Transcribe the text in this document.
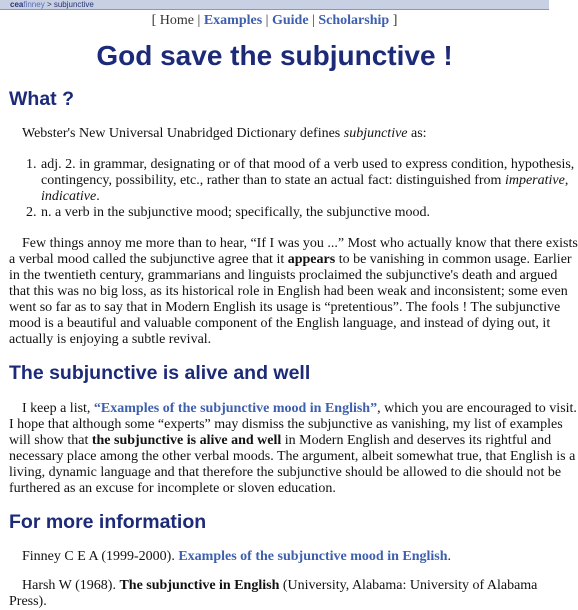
ceafinney > subjunctive
[ Home | Examples | Guide | Scholarship ]
God save the subjunctive !
What ?
Webster's New Universal Unabridged Dictionary defines subjunctive as:
1. adj. 2. in grammar, designating or of that mood of a verb used to express condition, hypothesis,
contingency, possibility, etc., rather than to state an actual fact: distinguished from imperative,
indicative.
2. n. a verb in the subjunctive mood; specifically, the subjunctive mood.
Few things annoy me more than to hear, “If I was you ...” Most who actually know that there exists
a verbal mood called the subjunctive agree that it appears to be vanishing in common usage. Earlier
in the twentieth century, grammarians and linguists proclaimed the subjunctive's death and argued
that this was no big loss, as its historical role in English had been weak and inconsistent; some even
went so far as to say that in Modern English its usage is “pretentious”. The fools ! The subjunctive
mood is a beautiful and valuable component of the English language, and instead of dying out, it
actually is enjoying a subtle revival.
The subjunctive is alive and well
I keep a list, “Examples of the subjunctive mood in English”, which you are encouraged to visit.
I hope that although some “experts” may dismiss the subjunctive as vanishing, my list of examples
will show that the subjunctive is alive and well in Modern English and deserves its rightful and
necessary place among the other verbal moods. The argument, albeit somewhat true, that English is a
living, dynamic language and that therefore the subjunctive should be allowed to die should not be
furthered as an excuse for incomplete or sloven education.
For more information
Finney C E A (1999-2000). Examples of the subjunctive mood in English.
Harsh W (1968). The subjunctive in English (University, Alabama: University of Alabama
Press).
